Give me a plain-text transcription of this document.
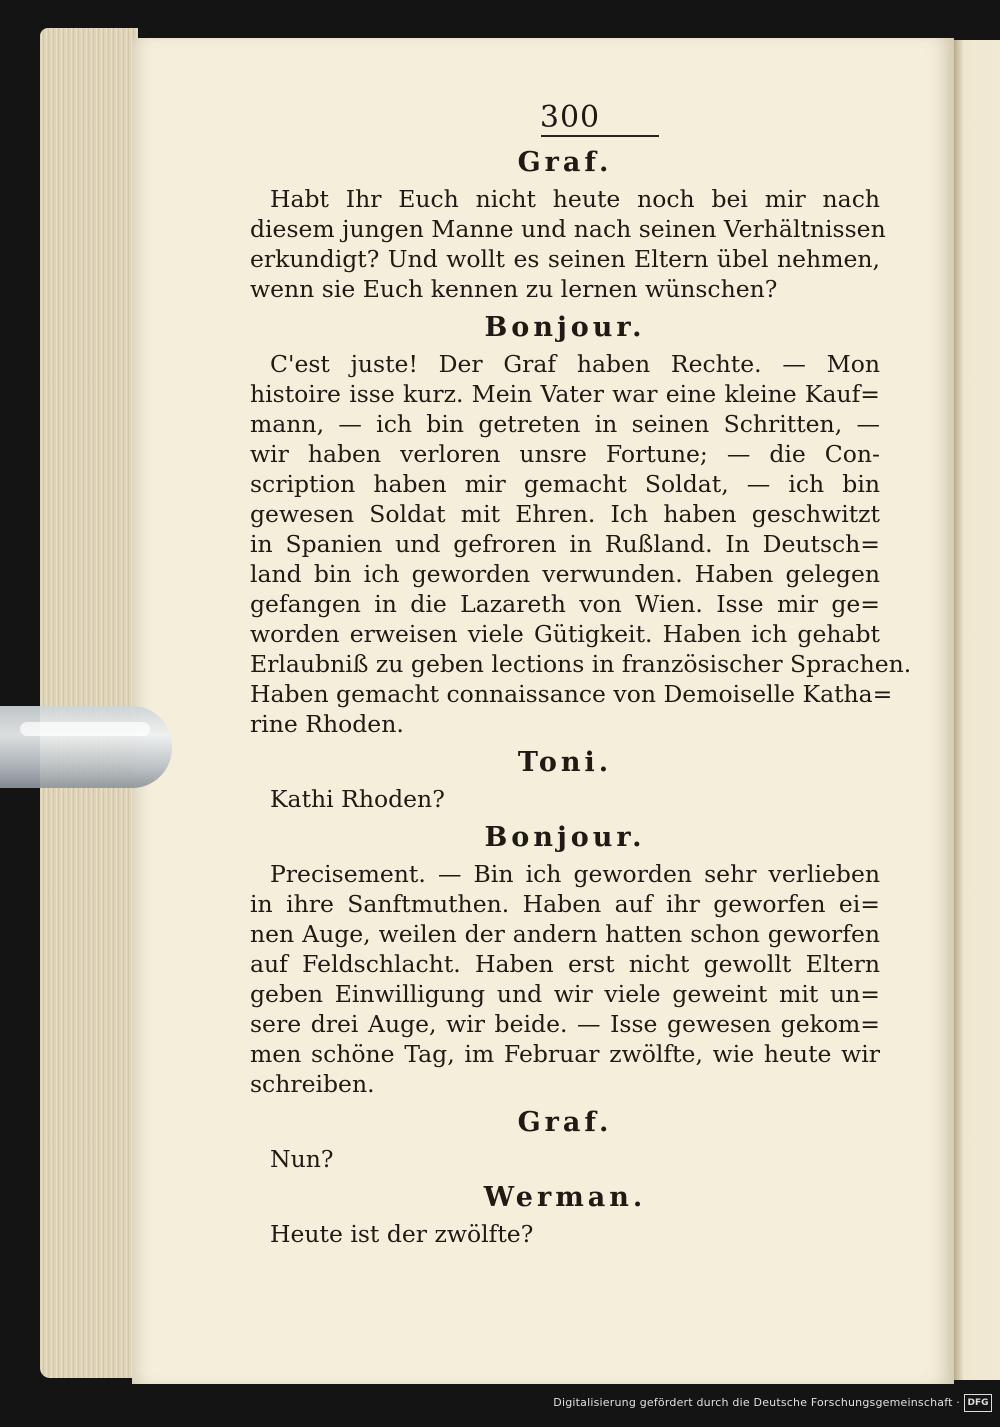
300
Graf.

Habt Ihr Euch nicht heute noch bei mir nach
diesem jungen Manne und nach seinen Verhältnissen
erkundigt? Und wollt es seinen Eltern übel nehmen,
wenn sie Euch kennen zu lernen wünschen?

Bonjour.

C'est juste! Der Graf haben Rechte. — Mon
histoire isse kurz. Mein Vater war eine kleine Kauf=
mann, — ich bin getreten in seinen Schritten, —
wir haben verloren unsre Fortune; — die Con-
scription haben mir gemacht Soldat, — ich bin
gewesen Soldat mit Ehren. Ich haben geschwitzt
in Spanien und gefroren in Rußland. In Deutsch=
land bin ich geworden verwunden. Haben gelegen
gefangen in die Lazareth von Wien. Isse mir ge=
worden erweisen viele Gütigkeit. Haben ich gehabt
Erlaubniß zu geben lections in französischer Sprachen.
Haben gemacht connaissance von Demoiselle Katha=
rine Rhoden.

Toni.

Kathi Rhoden?

Bonjour.

Precisement. — Bin ich geworden sehr verlieben
in ihre Sanftmuthen. Haben auf ihr geworfen ei=
nen Auge, weilen der andern hatten schon geworfen
auf Feldschlacht. Haben erst nicht gewollt Eltern
geben Einwilligung und wir viele geweint mit un=
sere drei Auge, wir beide. — Isse gewesen gekom=
men schöne Tag, im Februar zwölfte, wie heute wir
schreiben.

Graf.

Nun?

Werman.

Heute ist der zwölfte?

Digitalisierung gefördert durch die Deutsche Forschungsgemeinschaft · DFG
